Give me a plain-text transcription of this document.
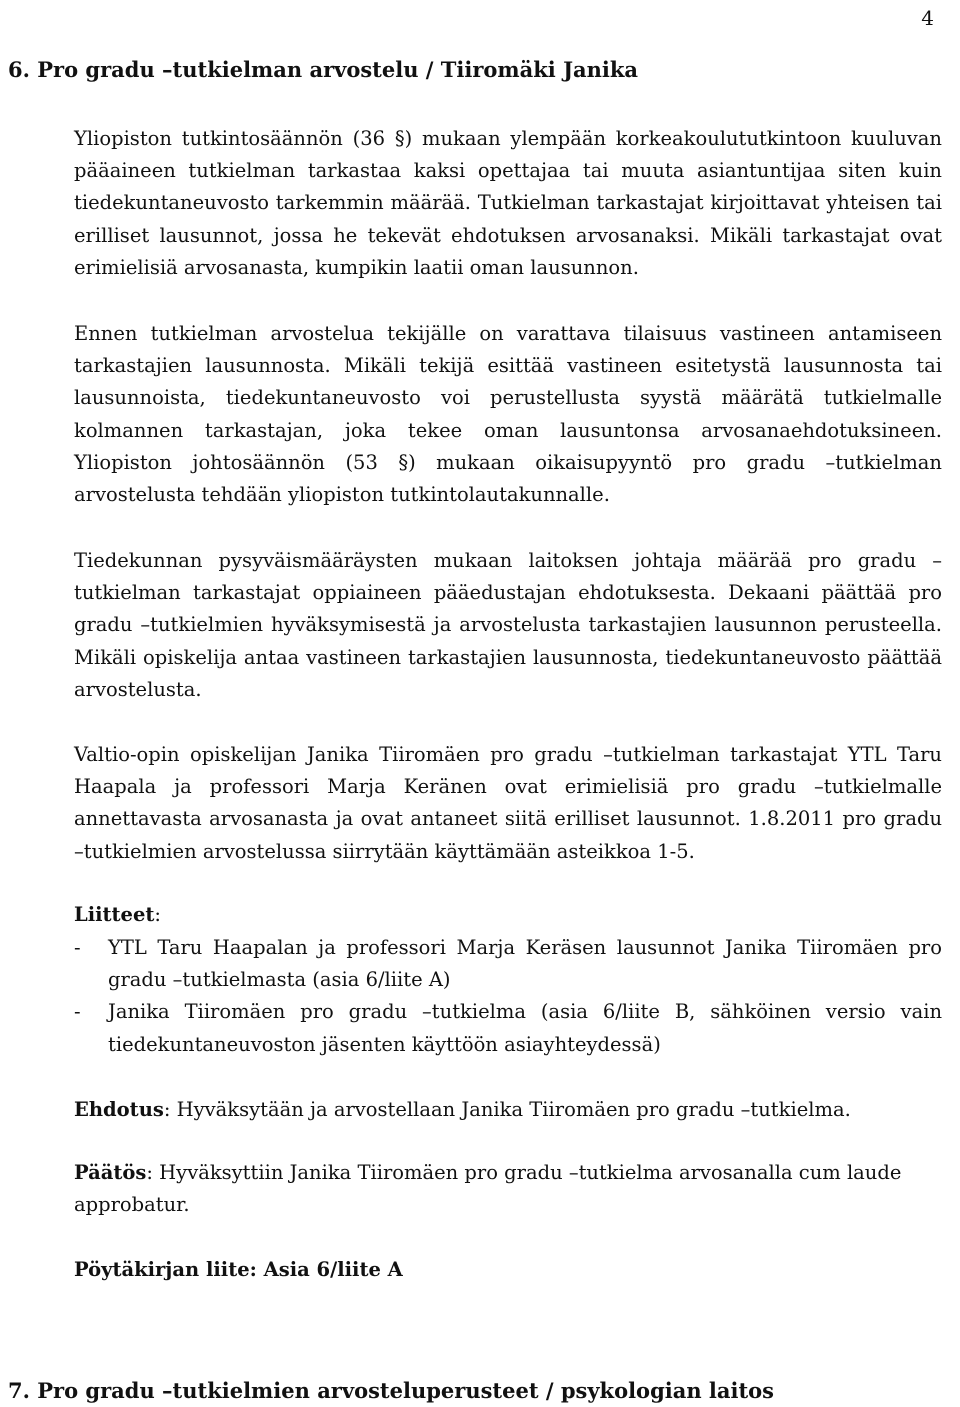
4
6. Pro gradu –tutkielman arvostelu / Tiiromäki Janika

Yliopiston tutkintosäännön (36 §) mukaan ylempään korkeakoulututkintoon kuuluvan pääaineen tutkielman tarkastaa kaksi opettajaa tai muuta asiantuntijaa siten kuin tiedekuntaneuvosto tarkemmin määrää. Tutkielman tarkastajat kirjoittavat yhteisen tai erilliset lausunnot, jossa he tekevät ehdotuksen arvosanaksi. Mikäli tarkastajat ovat erimielisiä arvosanasta, kumpikin laatii oman lausunnon.

Ennen tutkielman arvostelua tekijälle on varattava tilaisuus vastineen antamiseen tarkastajien lausunnosta. Mikäli tekijä esittää vastineen esitetystä lausunnosta tai lausunnoista, tiedekuntaneuvosto voi perustellusta syystä määrätä tutkielmalle kolmannen tarkastajan, joka tekee oman lausuntonsa arvosanaehdotuksineen. Yliopiston johtosäännön (53 §) mukaan oikaisupyyntö pro gradu –tutkielman arvostelusta tehdään yliopiston tutkintolautakunnalle.

Tiedekunnan pysyväismääräysten mukaan laitoksen johtaja määrää pro gradu –tutkielman tarkastajat oppiaineen pääedustajan ehdotuksesta. Dekaani päättää pro gradu –tutkielmien hyväksymisestä ja arvostelusta tarkastajien lausunnon perusteella. Mikäli opiskelija antaa vastineen tarkastajien lausunnosta, tiedekuntaneuvosto päättää arvostelusta.

Valtio-opin opiskelijan Janika Tiiromäen pro gradu –tutkielman tarkastajat YTL Taru Haapala ja professori Marja Keränen ovat erimielisiä pro gradu –tutkielmalle annettavasta arvosanasta ja ovat antaneet siitä erilliset lausunnot. 1.8.2011 pro gradu –tutkielmien arvostelussa siirrytään käyttämään asteikkoa 1-5.

Liitteet:
- YTL Taru Haapalan ja professori Marja Keräsen lausunnot Janika Tiiromäen pro gradu –tutkielmasta (asia 6/liite A)
- Janika Tiiromäen pro gradu –tutkielma (asia 6/liite B, sähköinen versio vain tiedekuntaneuvoston jäsenten käyttöön asiayhteydessä)
Ehdotus: Hyväksytään ja arvostellaan Janika Tiiromäen pro gradu –tutkielma.

Päätös: Hyväksyttiin Janika Tiiromäen pro gradu –tutkielma arvosanalla cum laude approbatur.

Pöytäkirjan liite: Asia 6/liite A
7. Pro gradu –tutkielmien arvosteluperusteet / psykologian laitos
